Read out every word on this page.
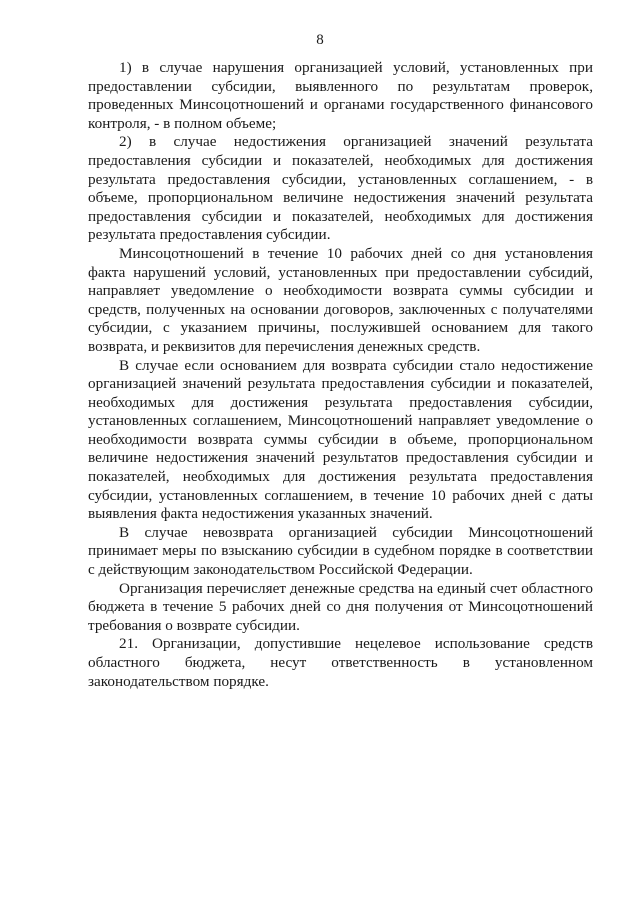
8

1) в случае нарушения организацией условий, установленных при предоставлении субсидии, выявленного по результатам проверок, проведенных Минсоцотношений и органами государственного финансового контроля, - в полном объеме;

2) в случае недостижения организацией значений результата предоставления субсидии и показателей, необходимых для достижения результата предоставления субсидии, установленных соглашением, - в объеме, пропорциональном величине недостижения значений результата предоставления субсидии и показателей, необходимых для достижения результата предоставления субсидии.

Минсоцотношений в течение 10 рабочих дней со дня установления факта нарушений условий, установленных при предоставлении субсидий, направляет уведомление о необходимости возврата суммы субсидии и средств, полученных на основании договоров, заключенных с получателями субсидии, с указанием причины, послужившей основанием для такого возврата, и реквизитов для перечисления денежных средств.

В случае если основанием для возврата субсидии стало недостижение организацией значений результата предоставления субсидии и показателей, необходимых для достижения результата предоставления субсидии, установленных соглашением, Минсоцотношений направляет уведомление о необходимости возврата суммы субсидии в объеме, пропорциональном величине недостижения значений результатов предоставления субсидии и показателей, необходимых для достижения результата предоставления субсидии, установленных соглашением, в течение 10 рабочих дней с даты выявления факта недостижения указанных значений.

В случае невозврата организацией субсидии Минсоцотношений принимает меры по взысканию субсидии в судебном порядке в соответствии с действующим законодательством Российской Федерации.

Организация перечисляет денежные средства на единый счет областного бюджета в течение 5 рабочих дней со дня получения от Минсоцотношений требования о возврате субсидии.

21. Организации, допустившие нецелевое использование средств областного бюджета, несут ответственность в установленном законодательством порядке.
